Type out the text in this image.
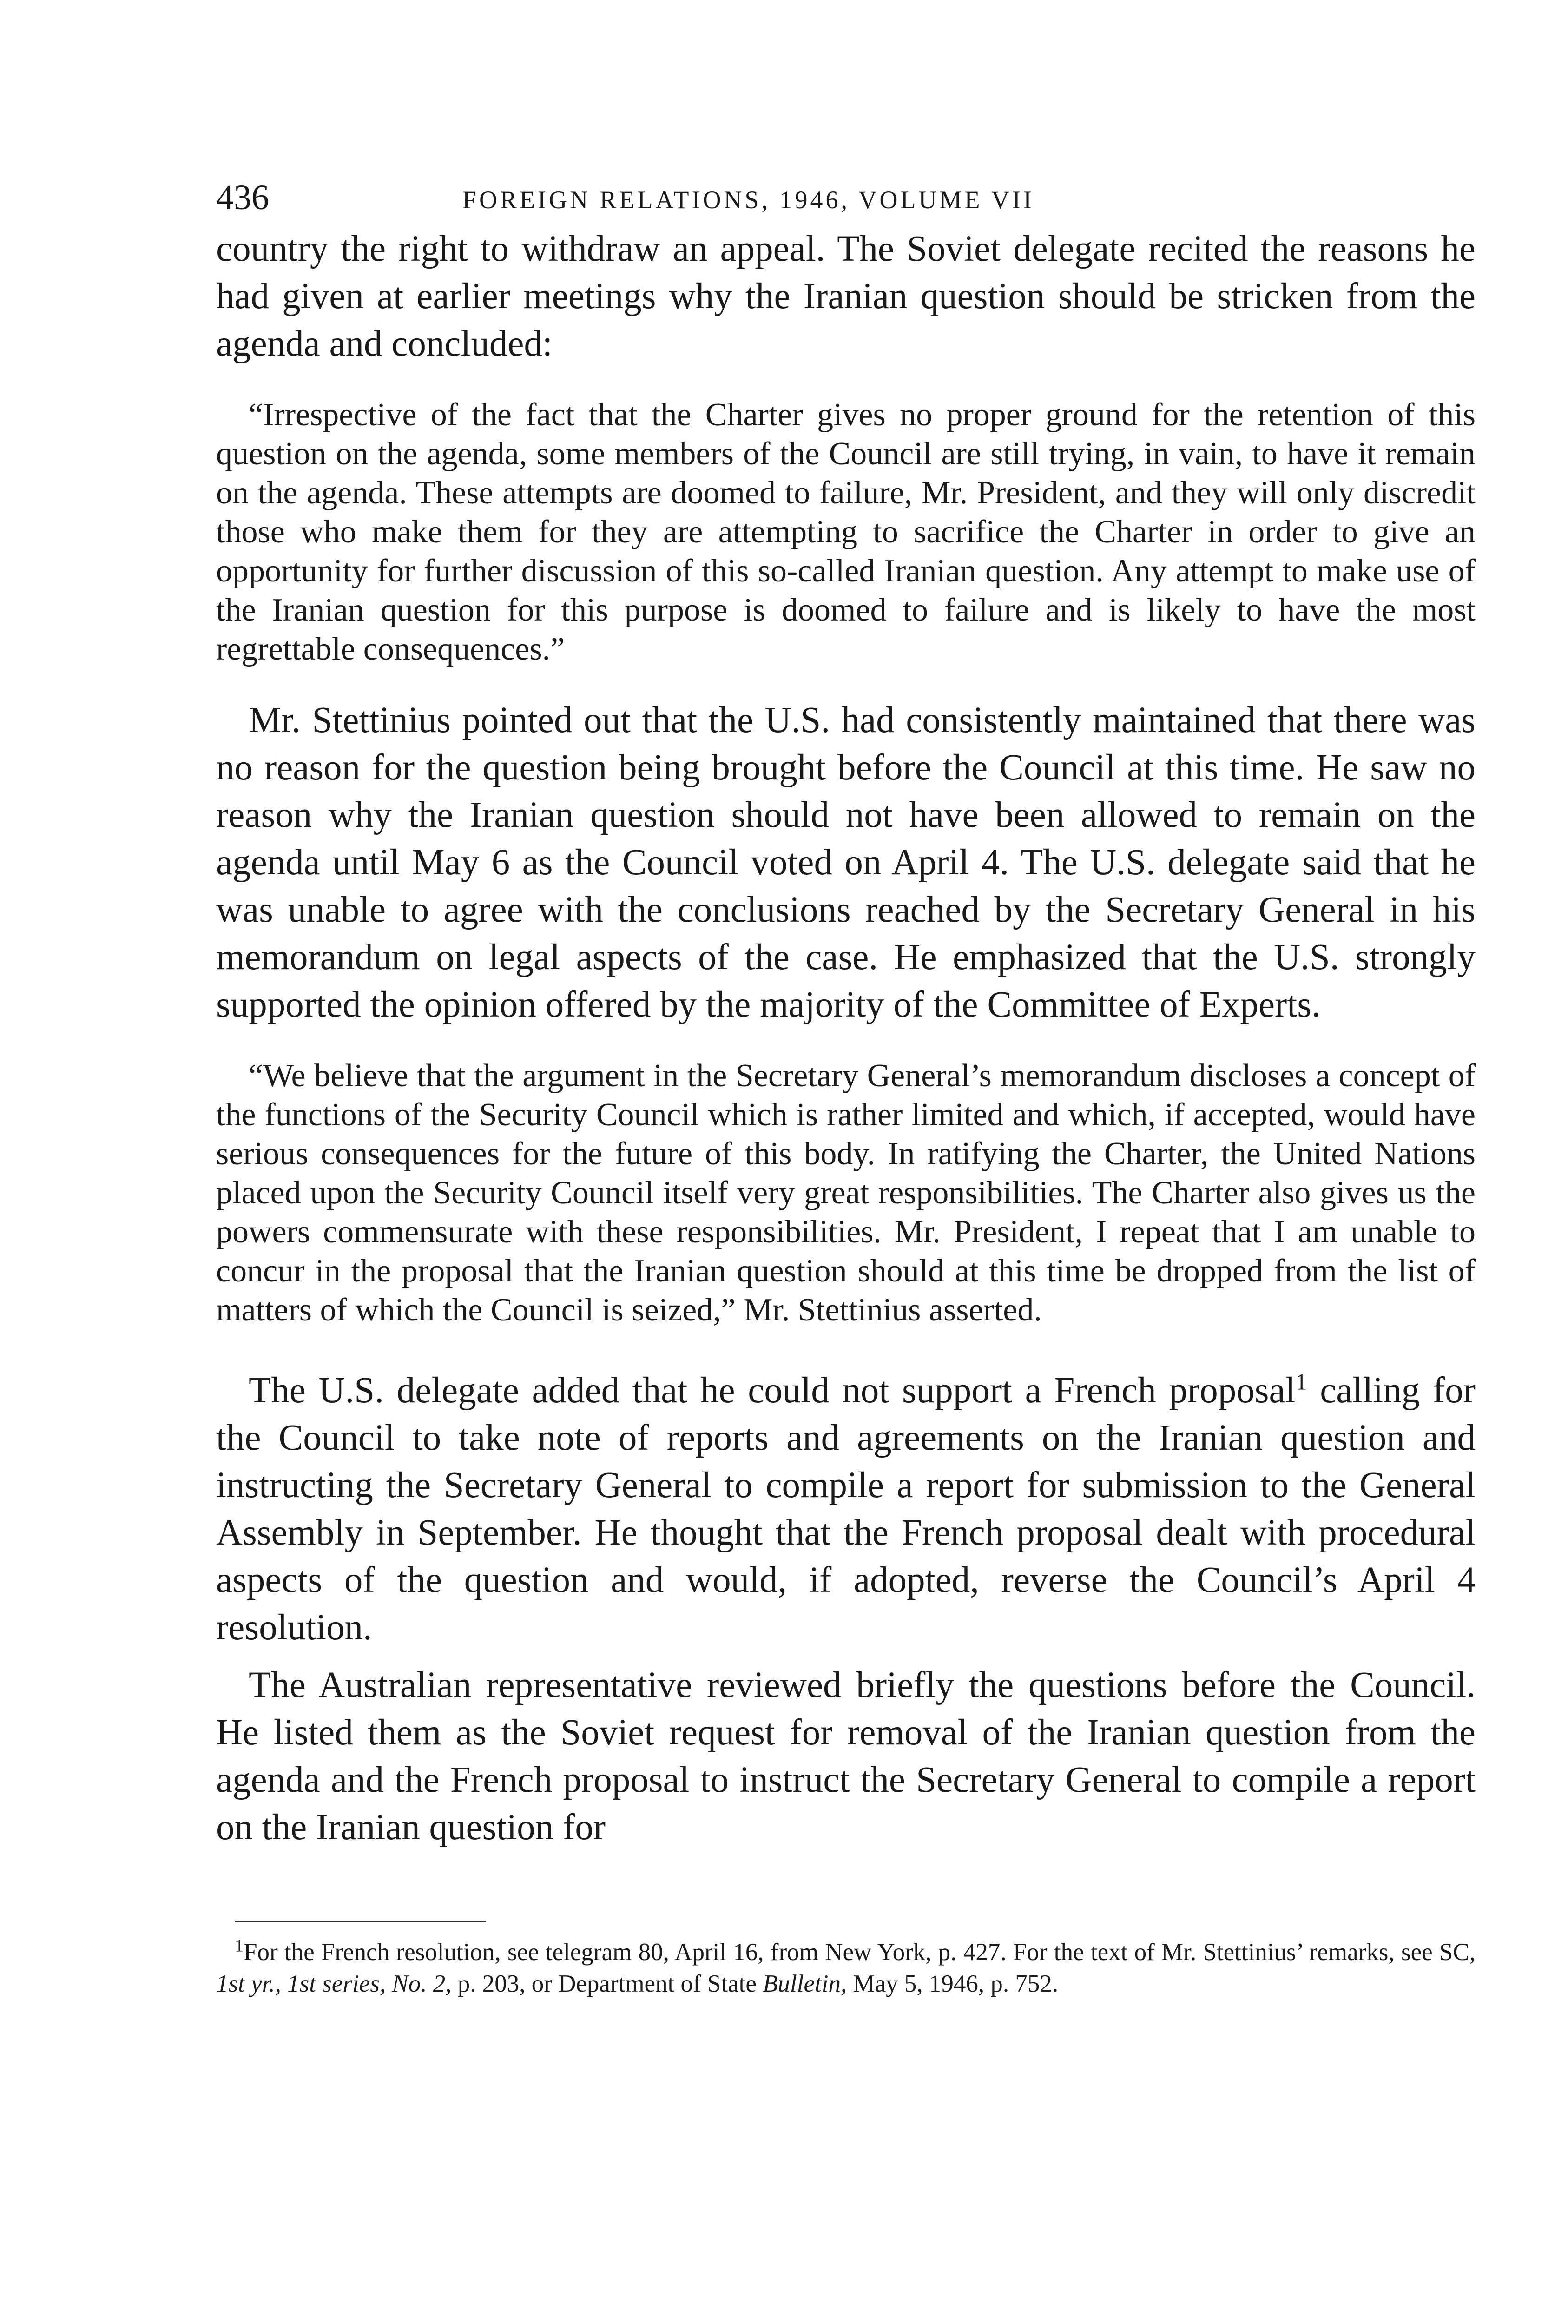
436	FOREIGN RELATIONS, 1946, VOLUME VII

country the right to withdraw an appeal. The Soviet delegate recited the reasons he had given at earlier meetings why the Iranian question should be stricken from the agenda and concluded:

“Irrespective of the fact that the Charter gives no proper ground for the retention of this question on the agenda, some members of the Council are still trying, in vain, to have it remain on the agenda. These attempts are doomed to failure, Mr. President, and they will only discredit those who make them for they are attempting to sacrifice the Charter in order to give an opportunity for further discussion of this so-called Iranian question. Any attempt to make use of the Iranian question for this purpose is doomed to failure and is likely to have the most regrettable consequences.”

Mr. Stettinius pointed out that the U.S. had consistently maintained that there was no reason for the question being brought before the Council at this time. He saw no reason why the Iranian question should not have been allowed to remain on the agenda until May 6 as the Council voted on April 4. The U.S. delegate said that he was unable to agree with the conclusions reached by the Secretary General in his memorandum on legal aspects of the case. He emphasized that the U.S. strongly supported the opinion offered by the majority of the Committee of Experts.

“We believe that the argument in the Secretary General’s memorandum discloses a concept of the functions of the Security Council which is rather limited and which, if accepted, would have serious consequences for the future of this body. In ratifying the Charter, the United Nations placed upon the Security Council itself very great responsibilities. The Charter also gives us the powers commensurate with these responsibilities. Mr. President, I repeat that I am unable to concur in the proposal that the Iranian question should at this time be dropped from the list of matters of which the Council is seized,” Mr. Stettinius asserted.

The U.S. delegate added that he could not support a French proposal$^1$ calling for the Council to take note of reports and agreements on the Iranian question and instructing the Secretary General to compile a report for submission to the General Assembly in September. He thought that the French proposal dealt with procedural aspects of the question and would, if adopted, reverse the Council’s April 4 resolution.

The Australian representative reviewed briefly the questions before the Council. He listed them as the Soviet request for removal of the Iranian question from the agenda and the French proposal to instruct the Secretary General to compile a report on the Iranian question for

$^1$For the French resolution, see telegram 80, April 16, from New York, p. 427. For the text of Mr. Stettinius’ remarks, see SC, 1st yr., 1st series, No. 2, p. 203, or Department of State Bulletin, May 5, 1946, p. 752.
